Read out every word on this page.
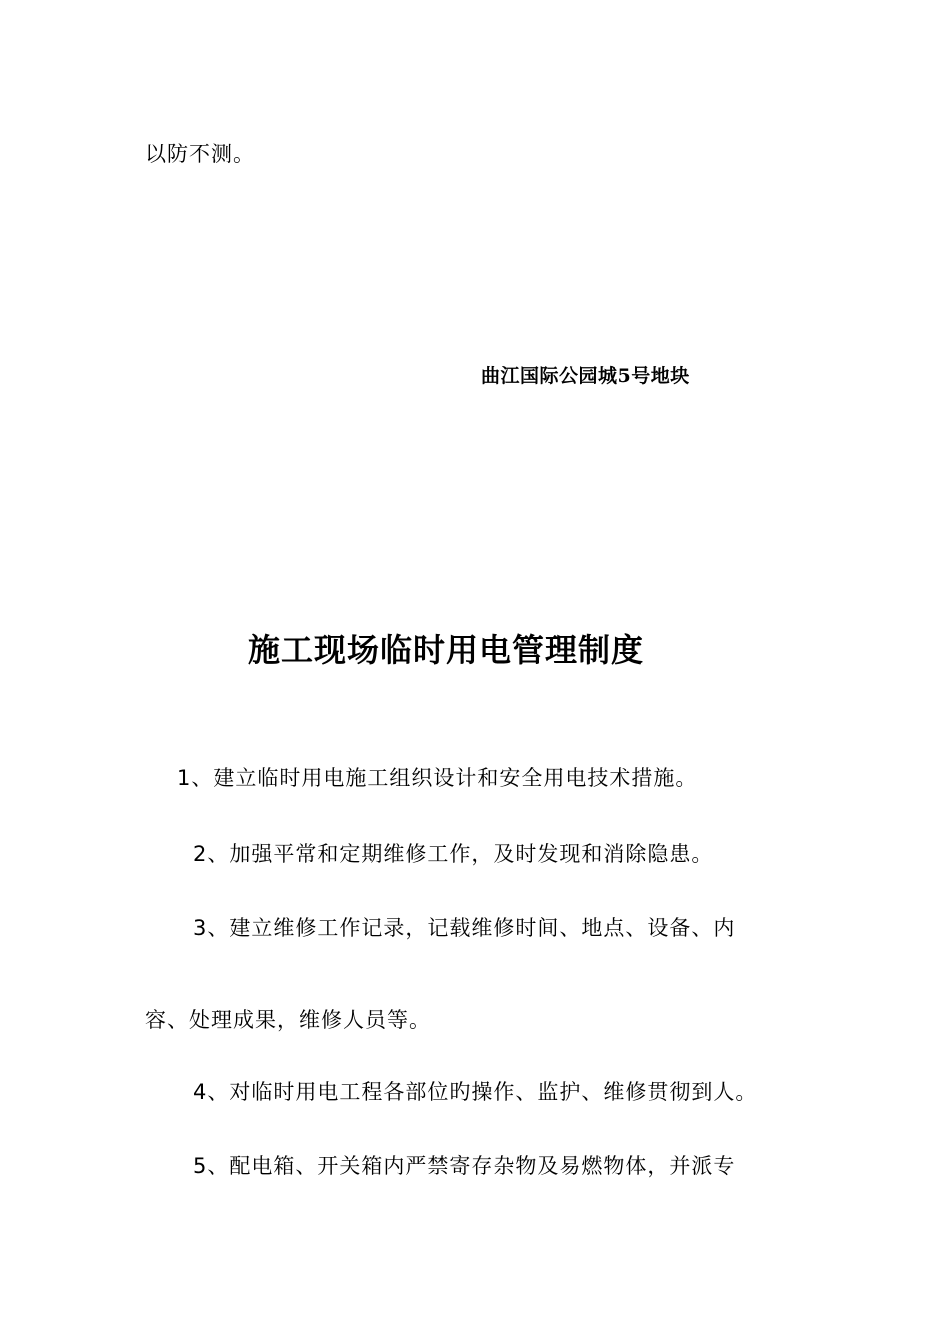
以防不测。

曲江国际公园城5号地块

施工现场临时用电管理制度

1、建立临时用电施工组织设计和安全用电技术措施。

2、加强平常和定期维修工作，及时发现和消除隐患。

3、建立维修工作记录，记载维修时间、地点、设备、内

容、处理成果，维修人员等。

4、对临时用电工程各部位旳操作、监护、维修贯彻到人。

5、配电箱、开关箱内严禁寄存杂物及易燃物体，并派专
